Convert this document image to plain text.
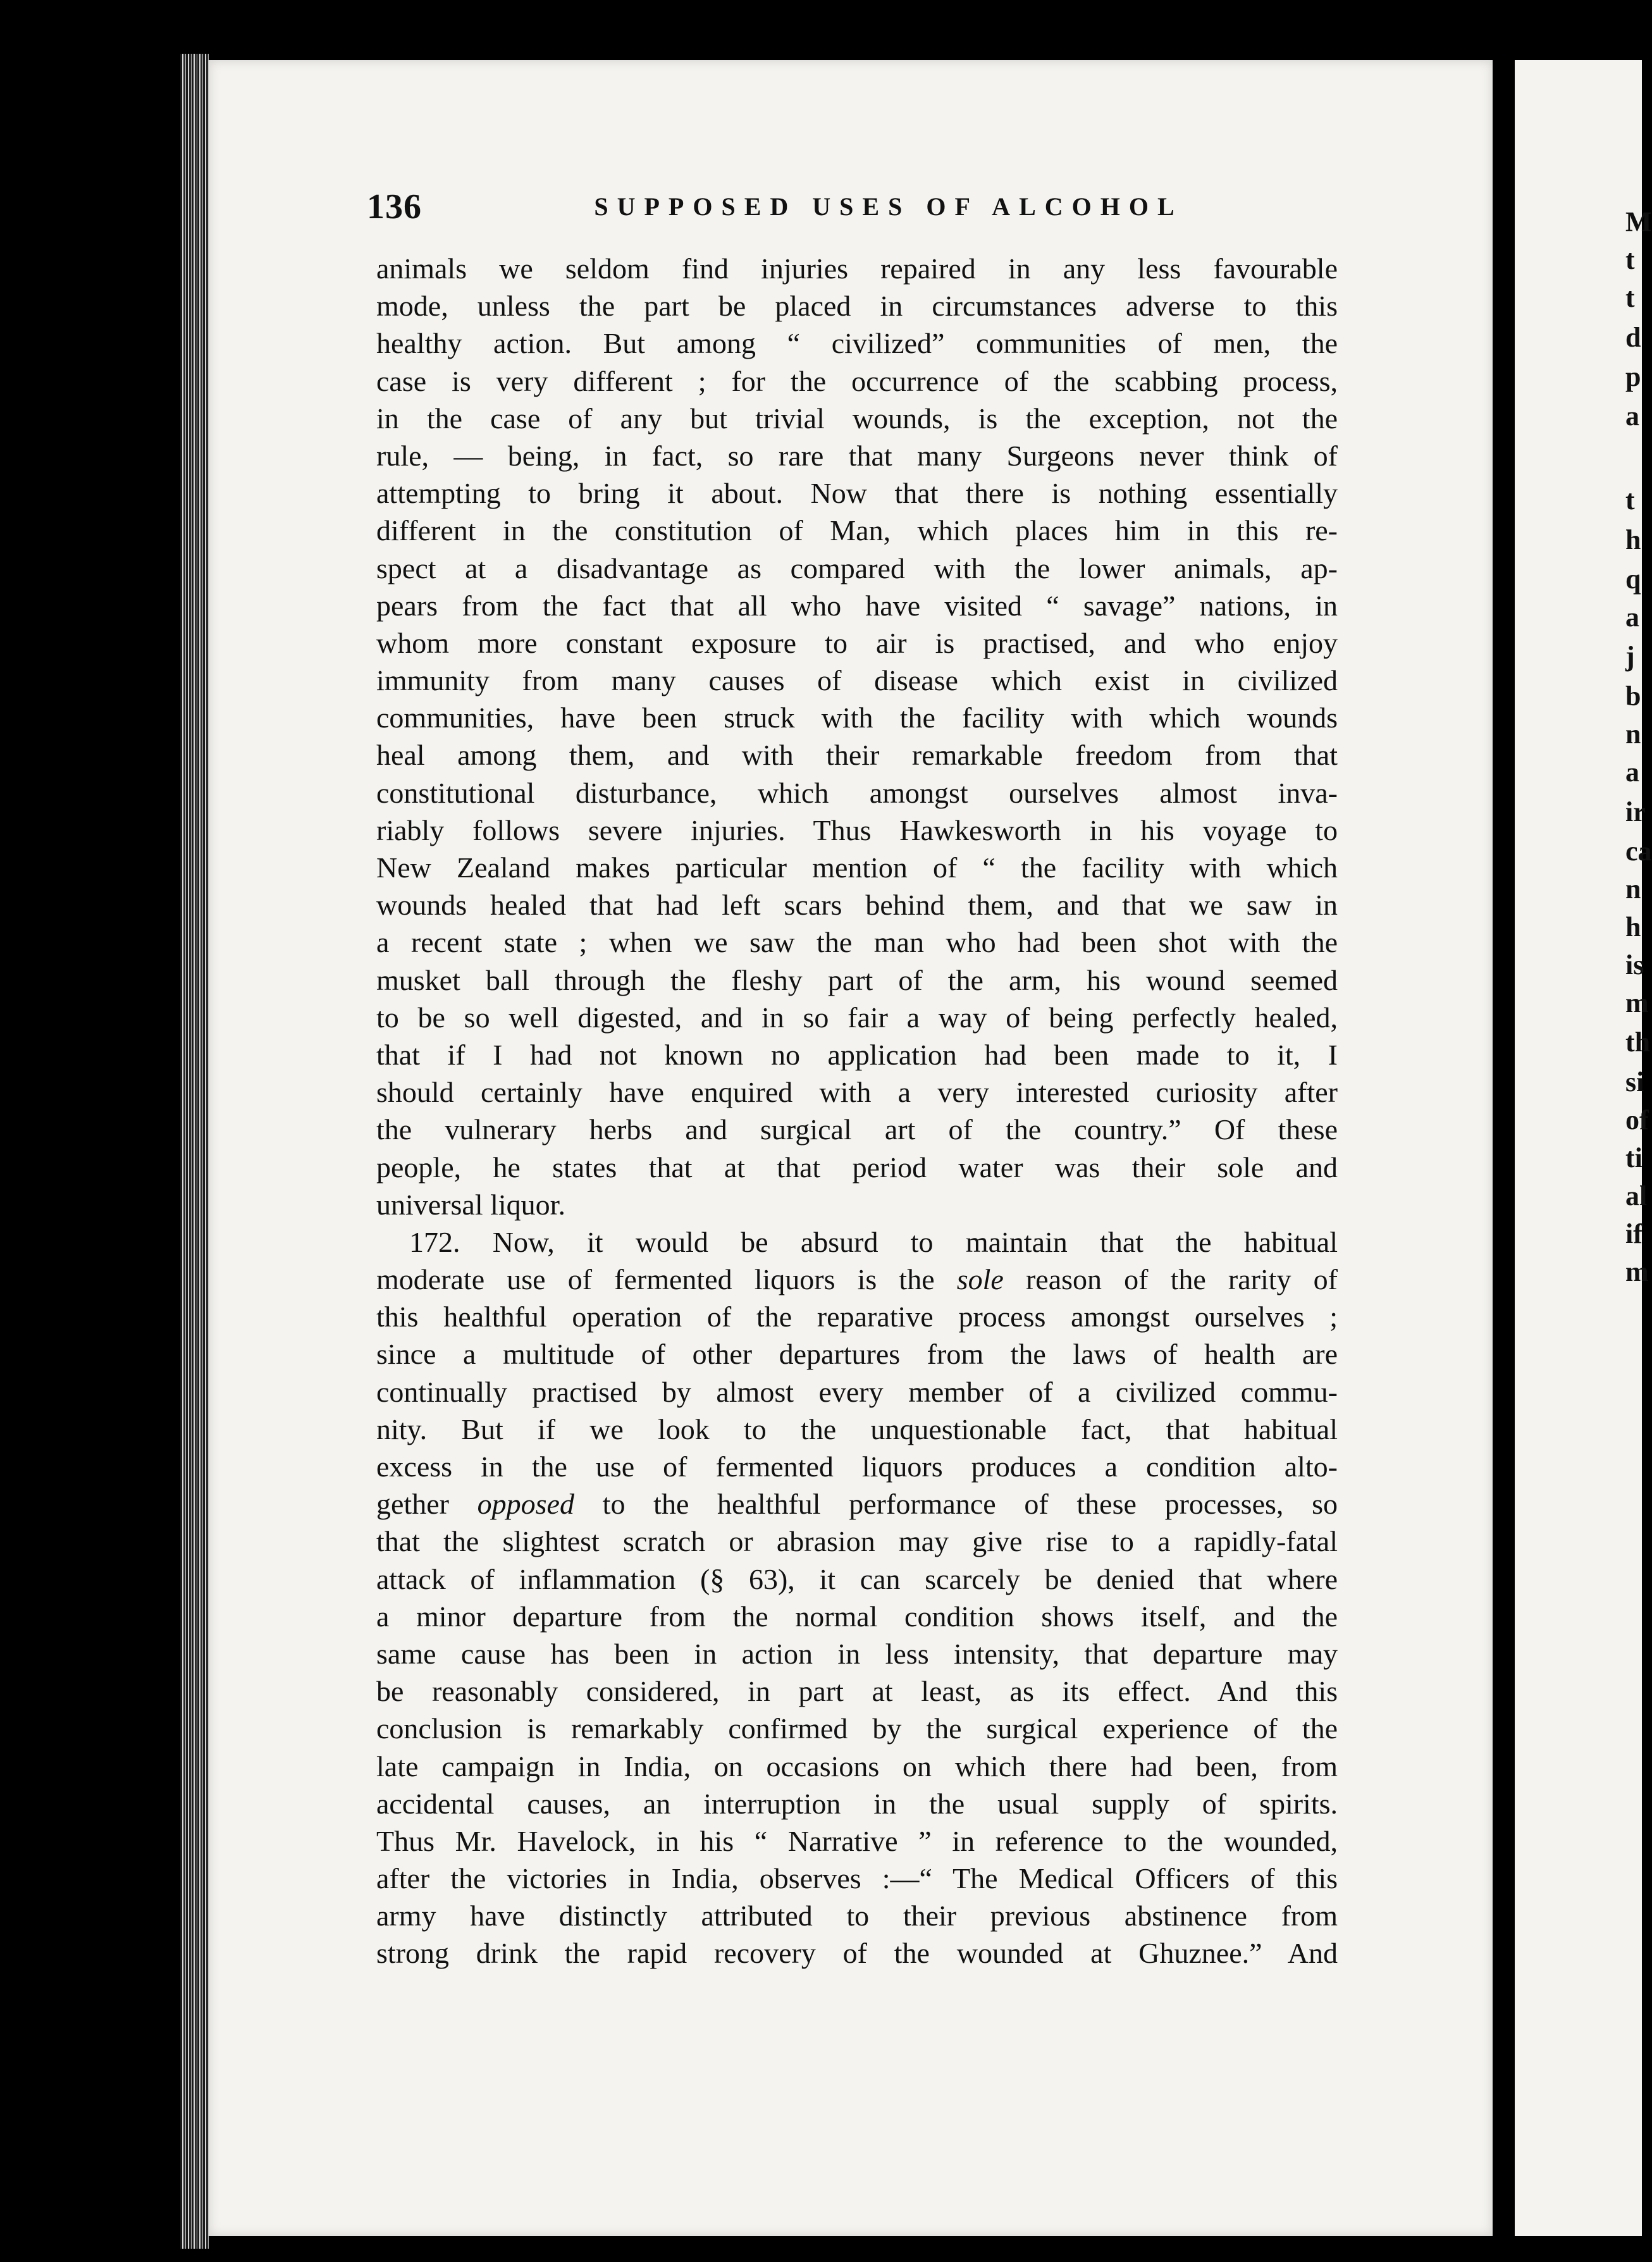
136	SUPPOSED USES OF ALCOHOL

animals we seldom find injuries repaired in any less favourable

mode, unless the part be placed in circumstances adverse to this

healthy action. But among “ civilized” communities of men, the

case is very different ; for the occurrence of the scabbing process,

in the case of any but trivial wounds, is the exception, not the

rule, — being, in fact, so rare that many Surgeons never think of

attempting to bring it about. Now that there is nothing essentially

different in the constitution of Man, which places him in this re-

spect at a disadvantage as compared with the lower animals, ap-

pears from the fact that all who have visited “ savage” nations, in

whom more constant exposure to air is practised, and who enjoy

immunity from many causes of disease which exist in civilized

communities, have been struck with the facility with which wounds

heal among them, and with their remarkable freedom from that

constitutional disturbance, which amongst ourselves almost inva-

riably follows severe injuries. Thus Hawkesworth in his voyage to

New Zealand makes particular mention of “ the facility with which

wounds healed that had left scars behind them, and that we saw in

a recent state ; when we saw the man who had been shot with the

musket ball through the fleshy part of the arm, his wound seemed

to be so well digested, and in so fair a way of being perfectly healed,

that if I had not known no application had been made to it, I

should certainly have enquired with a very interested curiosity after

the vulnerary herbs and surgical art of the country.” Of these

people, he states that at that period water was their sole and

universal liquor.

172. Now, it would be absurd to maintain that the habitual

moderate use of fermented liquors is the sole reason of the rarity of

this healthful operation of the reparative process amongst ourselves ;

since a multitude of other departures from the laws of health are

continually practised by almost every member of a civilized commu-

nity. But if we look to the unquestionable fact, that habitual

excess in the use of fermented liquors produces a condition alto-

gether opposed to the healthful performance of these processes, so

that the slightest scratch or abrasion may give rise to a rapidly-fatal

attack of inflammation (§ 63), it can scarcely be denied that where

a minor departure from the normal condition shows itself, and the

same cause has been in action in less intensity, that departure may

be reasonably considered, in part at least, as its effect. And this

conclusion is remarkably confirmed by the surgical experience of the

late campaign in India, on occasions on which there had been, from

accidental causes, an interruption in the usual supply of spirits.

Thus Mr. Havelock, in his “ Narrative ” in reference to the wounded,

after the victories in India, observes :—“ The Medical Officers of this

army have distinctly attributed to their previous abstinence from

strong drink the rapid recovery of the wounded at Ghuznee.” And

M
t
t
d
p
a
t
h
q
a
j
b
n
a
ir
ca
n
h
is
m
th
si
of
ti
al
if
m
